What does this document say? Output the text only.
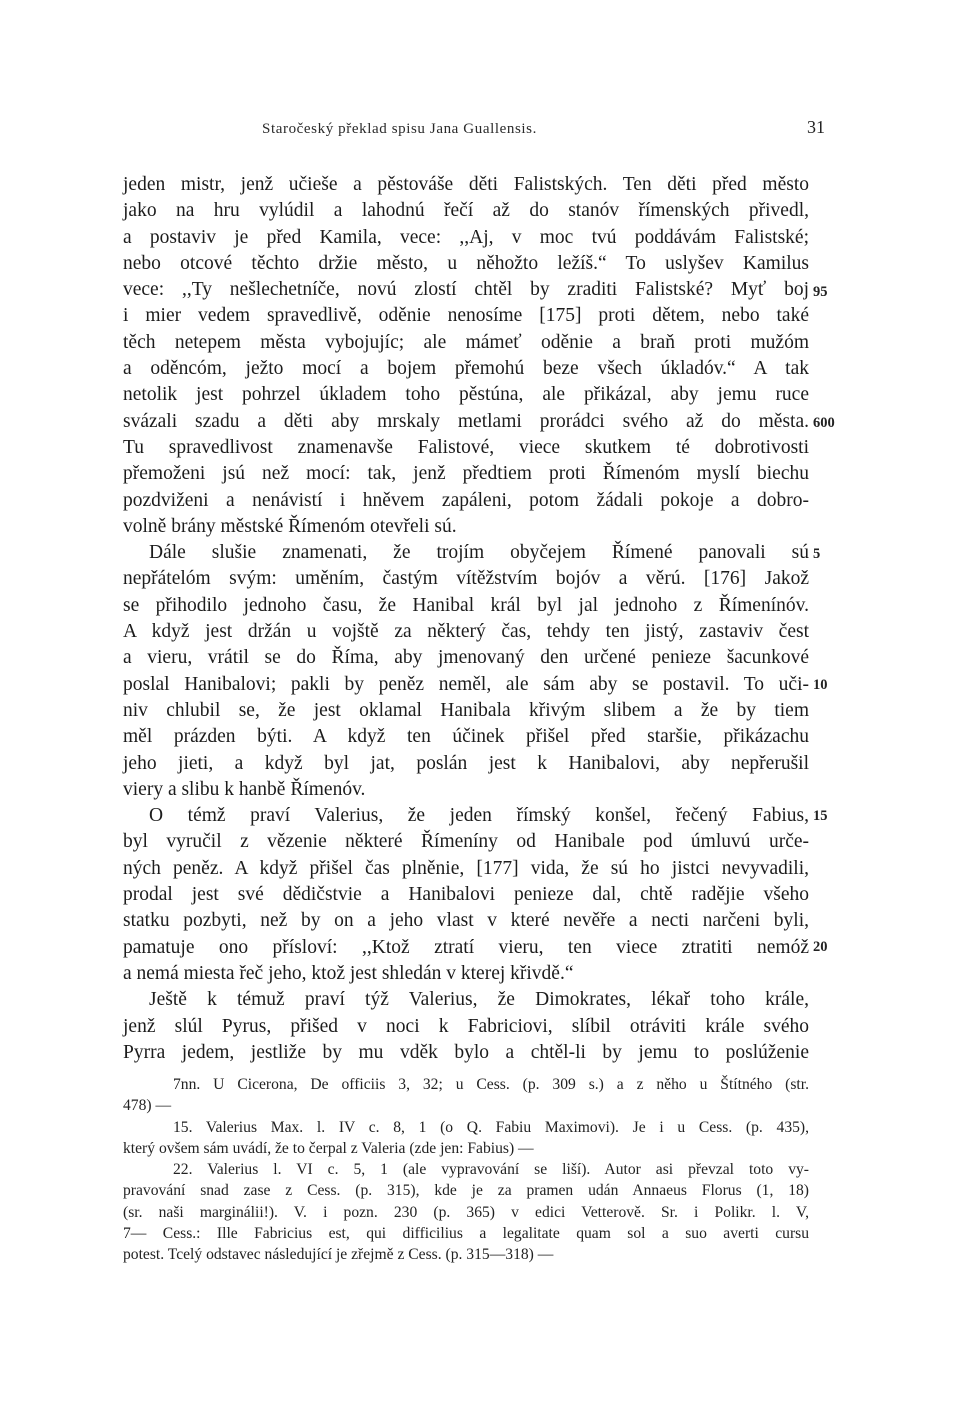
Staročeský překlad spisu Jana Guallensis.	31
jeden mistr, jenž učieše a pěstováše děti Falistských. Ten děti před město
jako na hru vylúdil a lahodnú řečí až do stanóv římenských přivedl,
a postaviv je před Kamila, vece: ,,Aj, v moc tvú poddávám Falistské;
nebo otcové těchto držie město, u něhožto ležíš.“ To uslyšev Kamilus
vece: ,,Ty nešlechetníče, novú zlostí chtěl by zraditi Falistské? Myť boj
i mier vedem spravedlivě, oděnie nenosíme [175] proti dětem, nebo také
těch netepem města vybojujíc; ale mámeť oděnie a braň proti mužóm
a oděncóm, ježto mocí a bojem přemohú beze všech úkladóv.“ A tak
netolik jest pohrzel úkladem toho pěstúna, ale přikázal, aby jemu ruce
svázali szadu a děti aby mrskaly metlami prorádci svého až do města.
Tu spravedlivost znamenavše Falistové, viece skutkem té dobrotivosti
přemoženi jsú než mocí: tak, jenž předtiem proti Římenóm myslí biechu
pozdviženi a nenávistí i hněvem zapáleni, potom žádali pokoje a dobro-
volně brány městské Římenóm otevřeli sú.
Dále slušie znamenati, že trojím obyčejem Římené panovali sú
nepřátelóm svým: uměním, častým vítěžstvím bojóv a věrú. [176] Jakož
se přihodilo jednoho času, že Hanibal král byl jal jednoho z Římenínóv.
A když jest držán u vojště za některý čas, tehdy ten jistý, zastaviv čest
a vieru, vrátil se do Říma, aby jmenovaný den určené penieze šacunkové
poslal Hanibalovi; pakli by peněz neměl, ale sám aby se postavil. To uči-
niv chlubil se, že jest oklamal Hanibala křivým slibem a že by tiem
měl prázden býti. A když ten účinek přišel před staršie, přikázachu
jeho jieti, a když byl jat, poslán jest k Hanibalovi, aby nepřerušil
viery a slibu k hanbě Římenóv.
O témž praví Valerius, že jeden římský konšel, řečený Fabius,
byl vyručil z vězenie některé Římeníny od Hanibale pod úmluvú urče-
ných peněz. A když přišel čas plněnie, [177] vida, že sú ho jistci nevyvadili,
prodal jest své dědičstvie a Hanibalovi penieze dal, chtě radějie všeho
statku pozbyti, než by on a jeho vlast v které nevěře a necti narčeni byli,
pamatuje ono přísloví: ,,Ktož ztratí vieru, ten viece ztratiti nemóž
a nemá miesta řeč jeho, ktož jest shledán v kterej křivdě.“
Ještě k témuž praví týž Valerius, že Dimokrates, lékař toho krále,
jenž slúl Pyrus, přišed v noci k Fabriciovi, slíbil otráviti krále svého
Pyrra jedem, jestliže by mu vděk bylo a chtěl-li by jemu to poslúženie
95
600
5
10
15
20
7nn. U Cicerona, De officiis 3, 32; u Cess. (p. 309 s.) a z něho u Štítného (str.
478) —
15. Valerius Max. l. IV c. 8, 1 (o Q. Fabiu Maximovi). Je i u Cess. (p. 435),
který ovšem sám uvádí, že to čerpal z Valeria (zde jen: Fabius) —
22. Valerius l. VI c. 5, 1 (ale vypravování se liší). Autor asi převzal toto vy-
pravování snad zase z Cess. (p. 315), kde je za pramen udán Annaeus Florus (1, 18)
(sr. naši marginálii!). V. i pozn. 230 (p. 365) v edici Vetterově. Sr. i Polikr. l. V,
7— Cess.: Ille Fabricius est, qui difficilius a legalitate quam sol a suo averti cursu
potest. Tcelý odstavec následující je zřejmě z Cess. (p. 315—318) —
